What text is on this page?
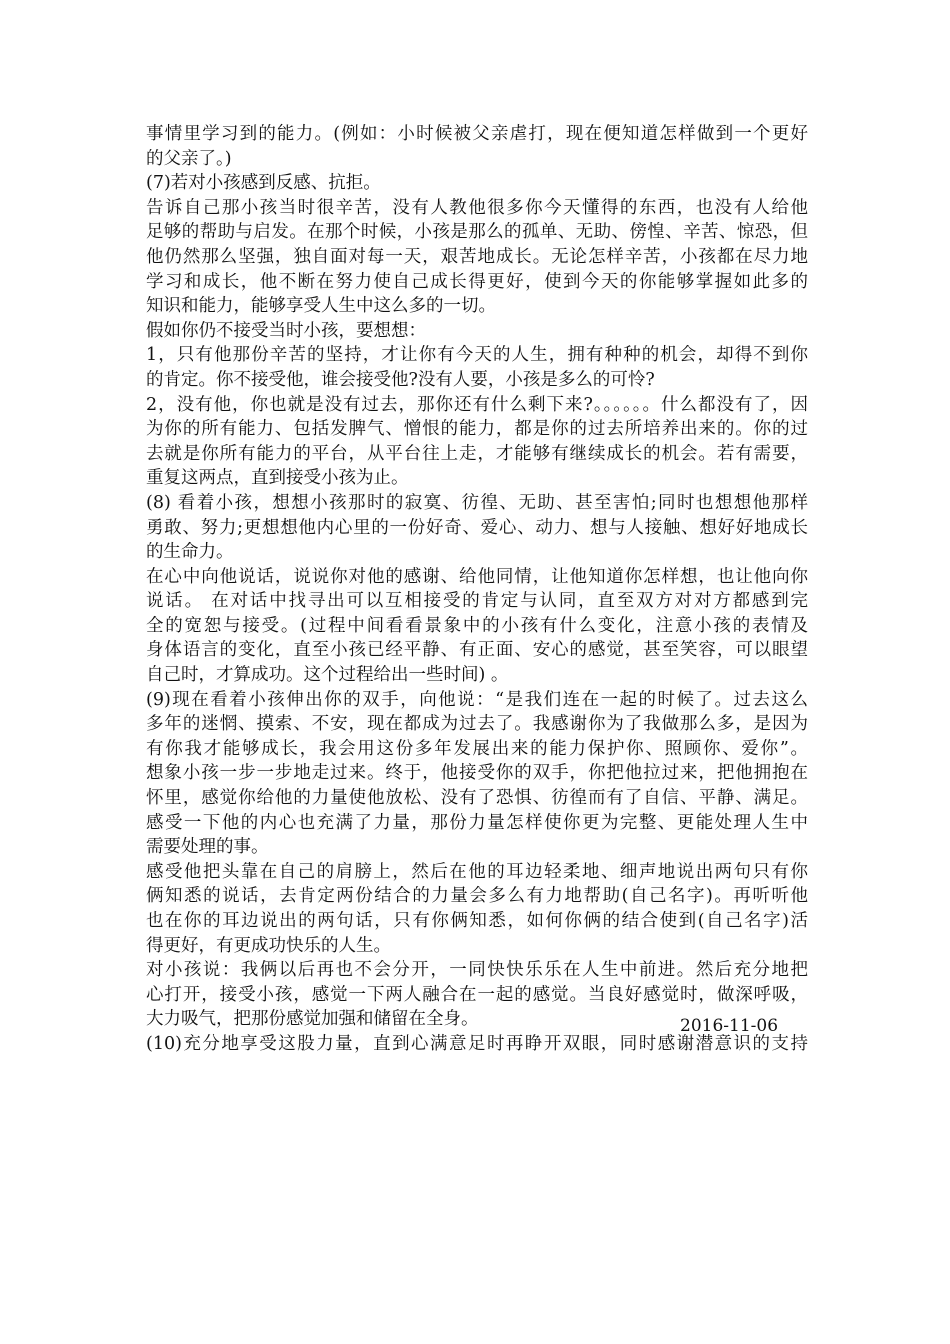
事情里学习到的能力。(例如：小时候被父亲虐打，现在便知道怎样做到一个更好

的父亲了。)

(7)若对小孩感到反感、抗拒。

告诉自己那小孩当时很辛苦，没有人教他很多你今天懂得的东西，也没有人给他

足够的帮助与启发。在那个时候，小孩是那么的孤单、无助、傍惶、辛苦、惊恐，但

他仍然那么坚强，独自面对每一天，艰苦地成长。无论怎样辛苦，小孩都在尽力地

学习和成长，他不断在努力使自己成长得更好，使到今天的你能够掌握如此多的

知识和能力，能够享受人生中这么多的一切。

假如你仍不接受当时小孩，要想想：

1，只有他那份辛苦的坚持，才让你有今天的人生，拥有种种的机会，却得不到你

的肯定。你不接受他，谁会接受他?没有人要，小孩是多么的可怜?

2，没有他，你也就是没有过去，那你还有什么剩下来?。。。。。。什么都没有了，因

为你的所有能力、包括发脾气、憎恨的能力，都是你的过去所培养出来的。你的过

去就是你所有能力的平台，从平台往上走，才能够有继续成长的机会。若有需要，

重复这两点，直到接受小孩为止。

(8) 看着小孩，想想小孩那时的寂寞、彷徨、无助、甚至害怕;同时也想想他那样

勇敢、努力;更想想他内心里的一份好奇、爱心、动力、想与人接触、想好好地成长

的生命力。

在心中向他说话，说说你对他的感谢、给他同情，让他知道你怎样想，也让他向你

说话。 在对话中找寻出可以互相接受的肯定与认同，直至双方对对方都感到完

全的宽恕与接受。(过程中间看看景象中的小孩有什么变化，注意小孩的表情及

身体语言的变化，直至小孩已经平静、有正面、安心的感觉，甚至笑容，可以眼望

自己时，才算成功。这个过程给出一些时间) 。

(9)现在看着小孩伸出你的双手，向他说：“是我们连在一起的时候了。过去这么

多年的迷惘、摸索、不安，现在都成为过去了。我感谢你为了我做那么多，是因为

有你我才能够成长，我会用这份多年发展出来的能力保护你、照顾你、爱你”。

想象小孩一步一步地走过来。终于，他接受你的双手，你把他拉过来，把他拥抱在

怀里，感觉你给他的力量使他放松、没有了恐惧、彷徨而有了自信、平静、满足。

感受一下他的内心也充满了力量，那份力量怎样使你更为完整、更能处理人生中

需要处理的事。

感受他把头靠在自己的肩膀上，然后在他的耳边轻柔地、细声地说出两句只有你

俩知悉的说话，去肯定两份结合的力量会多么有力地帮助(自己名字)。再听听他

也在你的耳边说出的两句话，只有你俩知悉，如何你俩的结合使到(自己名字)活

得更好，有更成功快乐的人生。

对小孩说：我俩以后再也不会分开，一同快快乐乐在人生中前进。然后充分地把

心打开，接受小孩，感觉一下两人融合在一起的感觉。当良好感觉时，做深呼吸，

大力吸气，把那份感觉加强和储留在全身。

(10)充分地享受这股力量，直到心满意足时再睁开双眼，同时感谢潜意识的支持

2016-11-06
